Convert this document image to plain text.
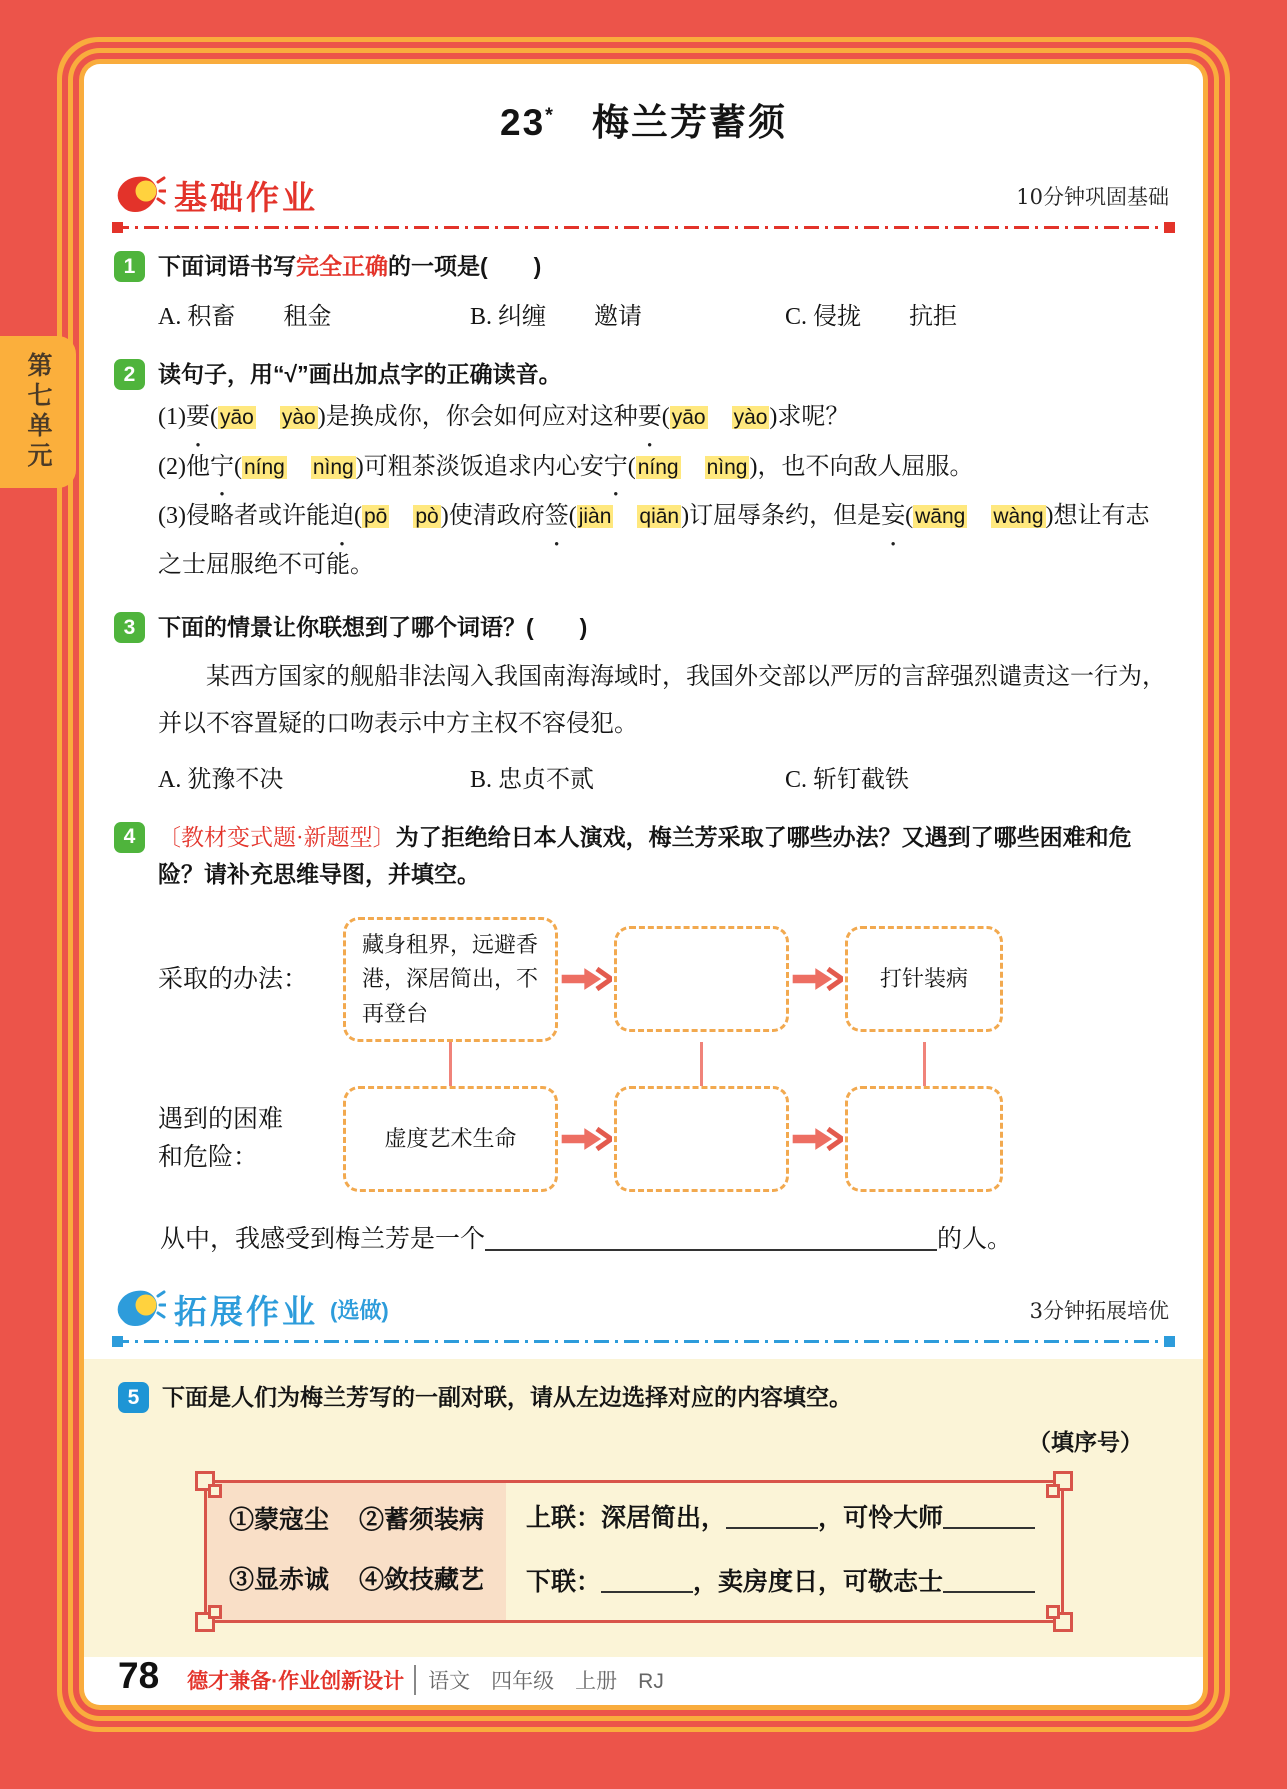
第七单元
23*　 梅兰芳蓄须
基础作业	10分钟巩固基础
1 下面词语书写完全正确的一项是(　　)
A. 积畜　　租金	B. 纠缠　　邀请	C. 侵拢　　抗拒
2 读句子，用“√”画出加点字的正确读音。
(1)要 ●(yāo　 yào)是换成你，你会如何应对这种要 ●(yāo　 yào)求呢？
(2)他宁 ●(níng　 nìng)可粗茶淡饭追求内心安宁 ●(níng　 nìng)，也不向敌人屈服。
(3)侵略者或许能迫 ●(pō　 pò)使清政府签 ●(jiàn　 qiān)订屈辱条约，但是妄 ●(wāng　 wàng)想让有志之士屈服绝不可能。
3 下面的情景让你联想到了哪个词语？(　　)
某西方国家的舰船非法闯入我国南海海域时，我国外交部以严厉的言辞强烈谴责这一行为，并以不容置疑的口吻表示中方主权不容侵犯。
A. 犹豫不决	B. 忠贞不贰	C. 斩钉截铁
4 〔教材变式题·新题型〕为了拒绝给日本人演戏，梅兰芳采取了哪些办法？又遇到了哪些困难和危险？请补充思维导图，并填空。
采取的办法：
藏身租界，远避香港，深居简出，不再登台
打针装病
遇到的困难
和危险：
虚度艺术生命
从中，我感受到梅兰芳是一个	的人。
拓展作业 (选做)	3分钟拓展培优
5 下面是人们为梅兰芳写的一副对联，请从左边选择对应的内容填空。
（填序号）
①蒙寇尘 ②蓄须装病
③显赤诚 ④敛技藏艺
上联：深居简出，	，可怜大师
下联：	，卖房度日，可敬志士
78 德才兼备·作业创新设计	语文　四年级　上册　RJ
